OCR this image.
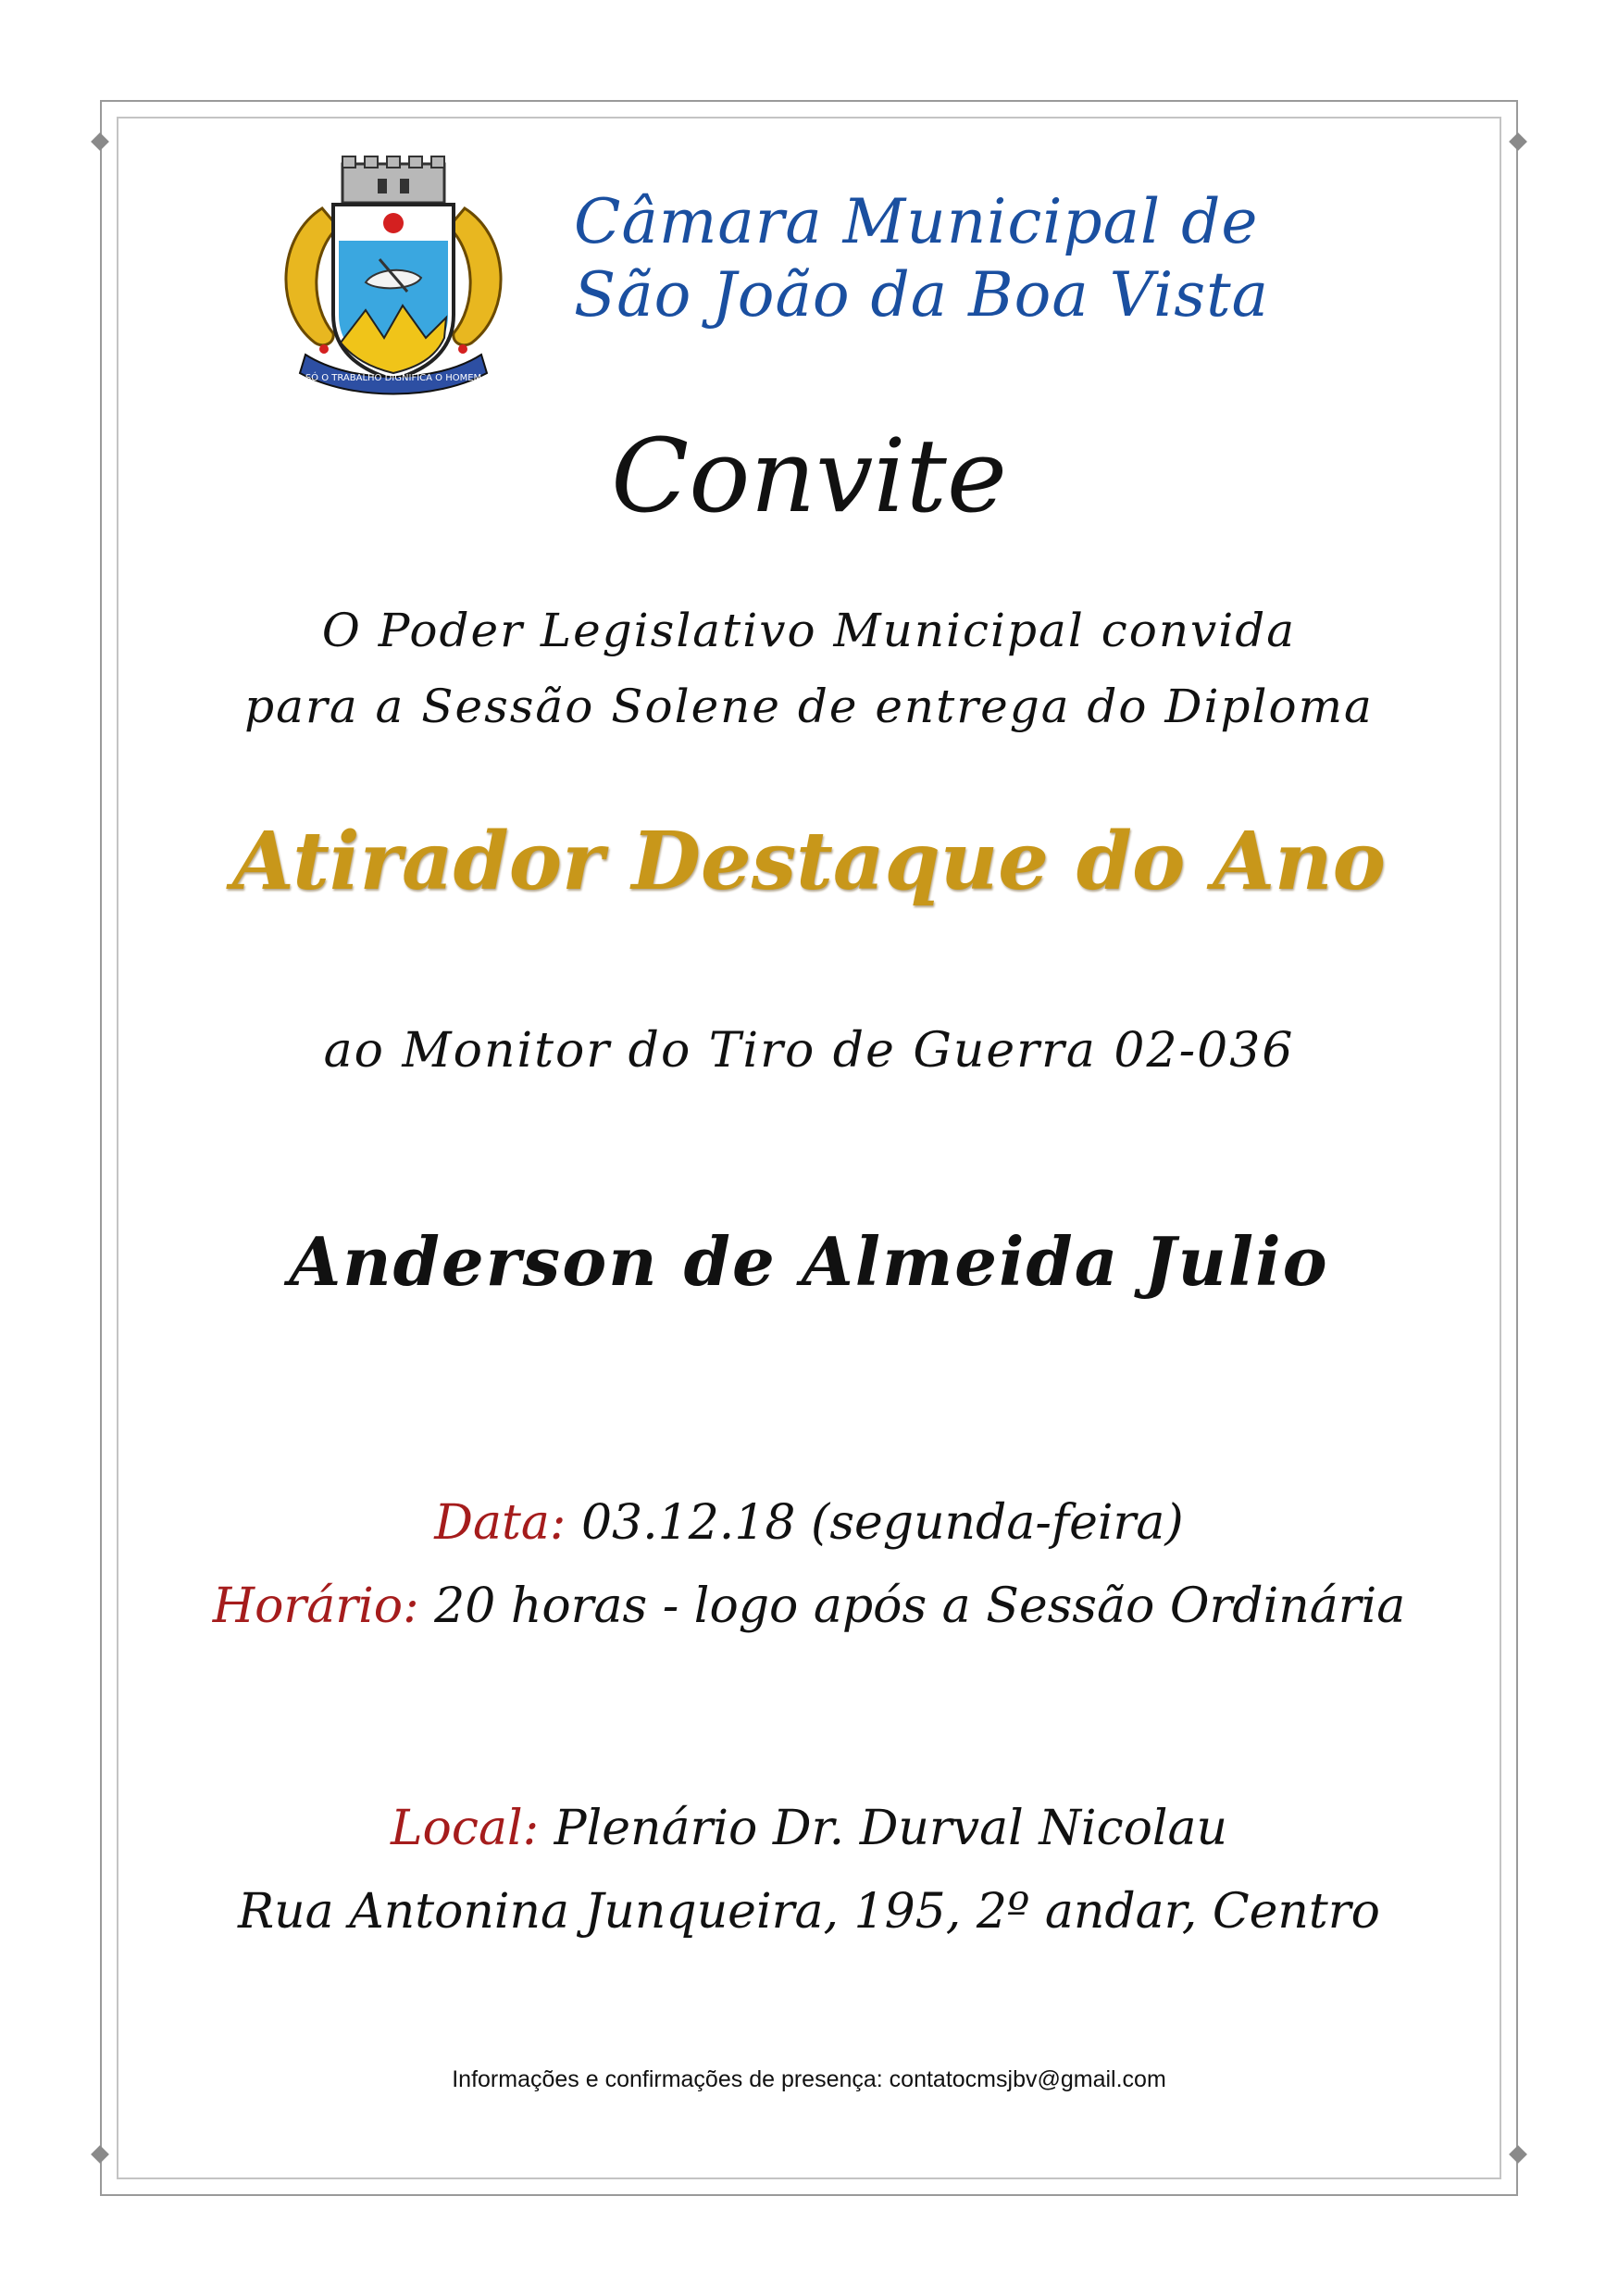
SÓ O TRABALHO DIGNIFICA O HOMEM
Câmara Municipal de
São João da Boa Vista
Convite
O Poder Legislativo Municipal convida
para a Sessão Solene de entrega do Diploma
Atirador Destaque do Ano
ao Monitor do Tiro de Guerra 02-036
Anderson de Almeida Julio
Data: 03.12.18 (segunda-feira)
Horário: 20 horas - logo após a Sessão Ordinária
Local: Plenário Dr. Durval Nicolau
Rua Antonina Junqueira, 195, 2º andar, Centro
Informações e confirmações de presença: contatocmsjbv@gmail.com
